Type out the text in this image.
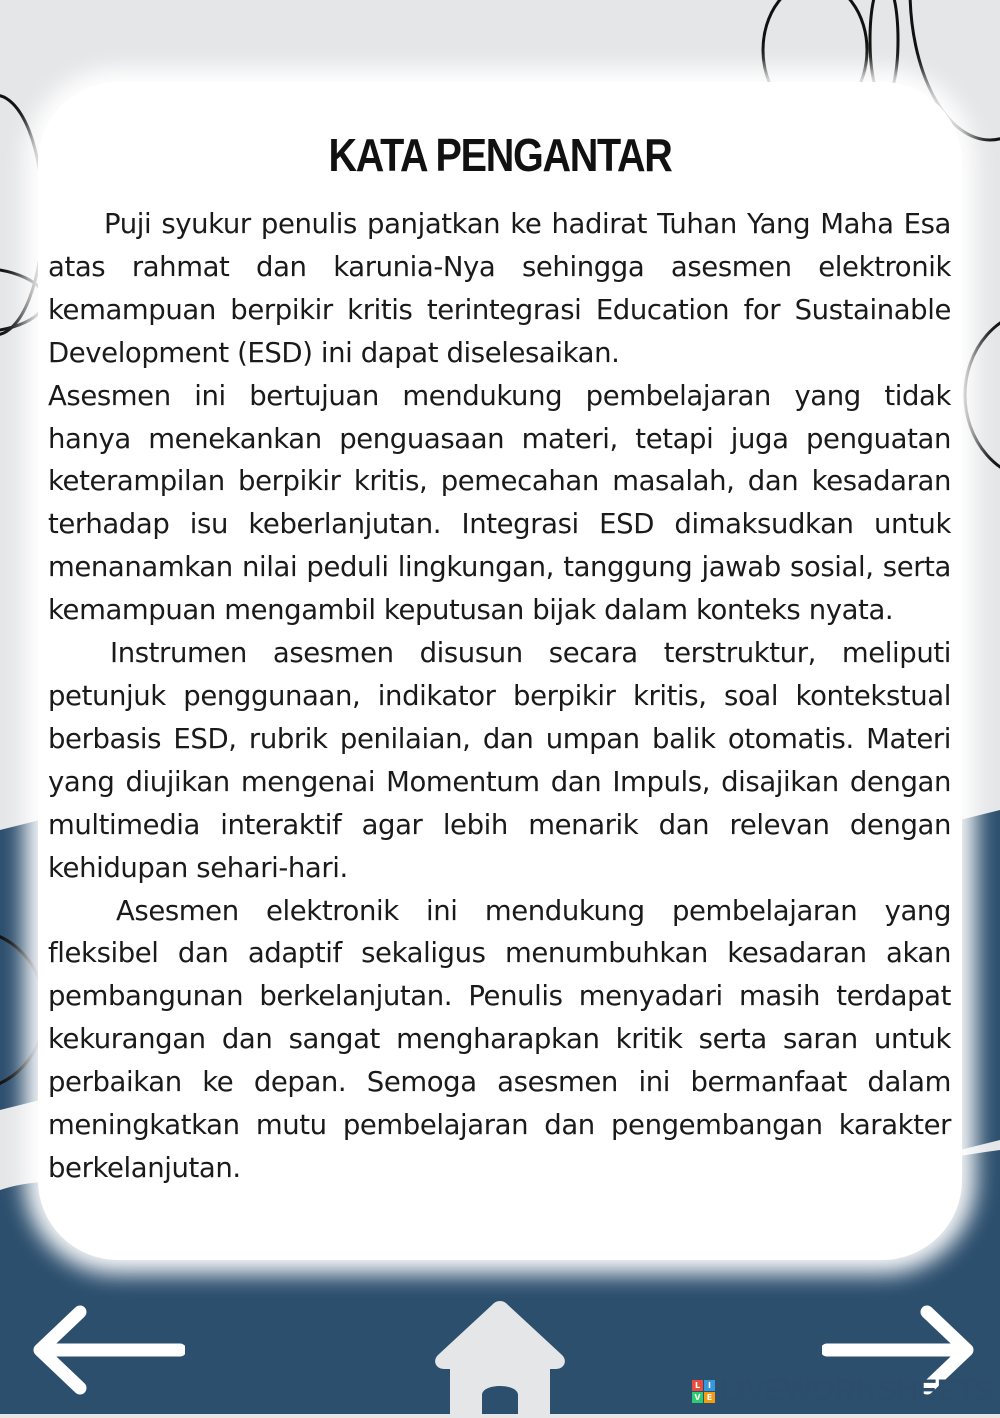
KATA PENGANTAR

Puji syukur penulis panjatkan ke hadirat Tuhan Yang Maha Esa atas rahmat dan karunia-Nya sehingga asesmen elektronik kemampuan berpikir kritis terintegrasi Education for Sustainable Development (ESD) ini dapat diselesaikan.

Asesmen ini bertujuan mendukung pembelajaran yang tidak hanya menekankan penguasaan materi, tetapi juga penguatan keterampilan berpikir kritis, pemecahan masalah, dan kesadaran terhadap isu keberlanjutan. Integrasi ESD dimaksudkan untuk menanamkan nilai peduli lingkungan, tanggung jawab sosial, serta kemampuan mengambil keputusan bijak dalam konteks nyata.

Instrumen asesmen disusun secara terstruktur, meliputi petunjuk penggunaan, indikator berpikir kritis, soal kontekstual berbasis ESD, rubrik penilaian, dan umpan balik otomatis. Materi yang diujikan mengenai Momentum dan Impuls, disajikan dengan multimedia interaktif agar lebih menarik dan relevan dengan kehidupan sehari-hari.

Asesmen elektronik ini mendukung pembelajaran yang fleksibel dan adaptif sekaligus menumbuhkan kesadaran akan pembangunan berkelanjutan. Penulis menyadari masih terdapat kekurangan dan sangat mengharapkan kritik serta saran untuk perbaikan ke depan. Semoga asesmen ini bermanfaat dalam meningkatkan mutu pembelajaran dan pengembangan karakter berkelanjutan.

L I
V E LIVEWORKSHEETS
